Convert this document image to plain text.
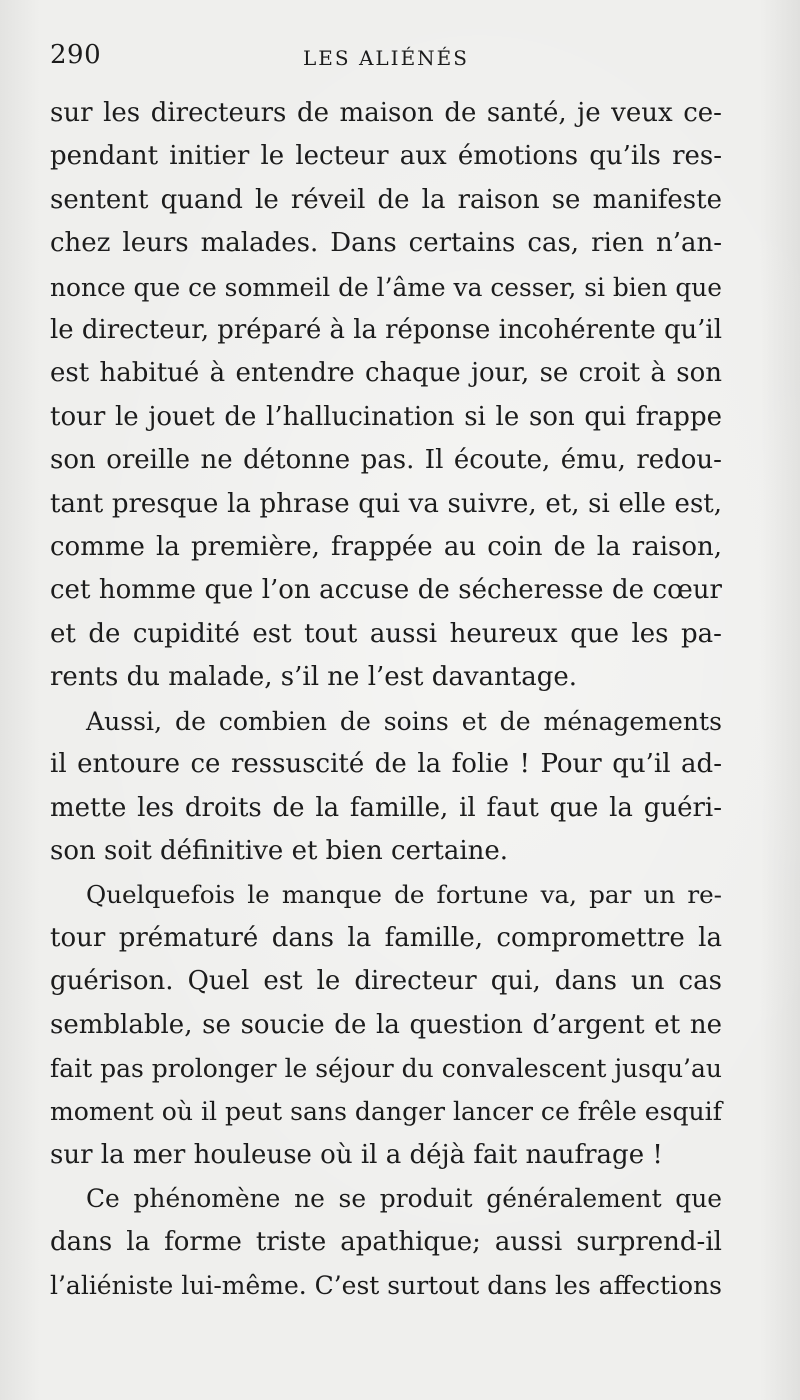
290	LES ALIÉNÉS

sur les directeurs de maison de santé, je veux ce-
pendant initier le lecteur aux émotions qu’ils res-
sentent quand le réveil de la raison se manifeste
chez leurs malades. Dans certains cas, rien n’an-
nonce que ce sommeil de l’âme va cesser, si bien que
le directeur, préparé à la réponse incohérente qu’il
est habitué à entendre chaque jour, se croit à son
tour le jouet de l’hallucination si le son qui frappe
son oreille ne détonne pas. Il écoute, ému, redou-
tant presque la phrase qui va suivre, et, si elle est,
comme la première, frappée au coin de la raison,
cet homme que l’on accuse de sécheresse de cœur
et de cupidité est tout aussi heureux que les pa-
rents du malade, s’il ne l’est davantage.

Aussi, de combien de soins et de ménagements
il entoure ce ressuscité de la folie ! Pour qu’il ad-
mette les droits de la famille, il faut que la guéri-
son soit définitive et bien certaine.

Quelquefois le manque de fortune va, par un re-
tour prématuré dans la famille, compromettre la
guérison. Quel est le directeur qui, dans un cas
semblable, se soucie de la question d’argent et ne
fait pas prolonger le séjour du convalescent jusqu’au
moment où il peut sans danger lancer ce frêle esquif
sur la mer houleuse où il a déjà fait naufrage !

Ce phénomène ne se produit généralement que
dans la forme triste apathique; aussi surprend-il
l’aliéniste lui-même. C’est surtout dans les affections
